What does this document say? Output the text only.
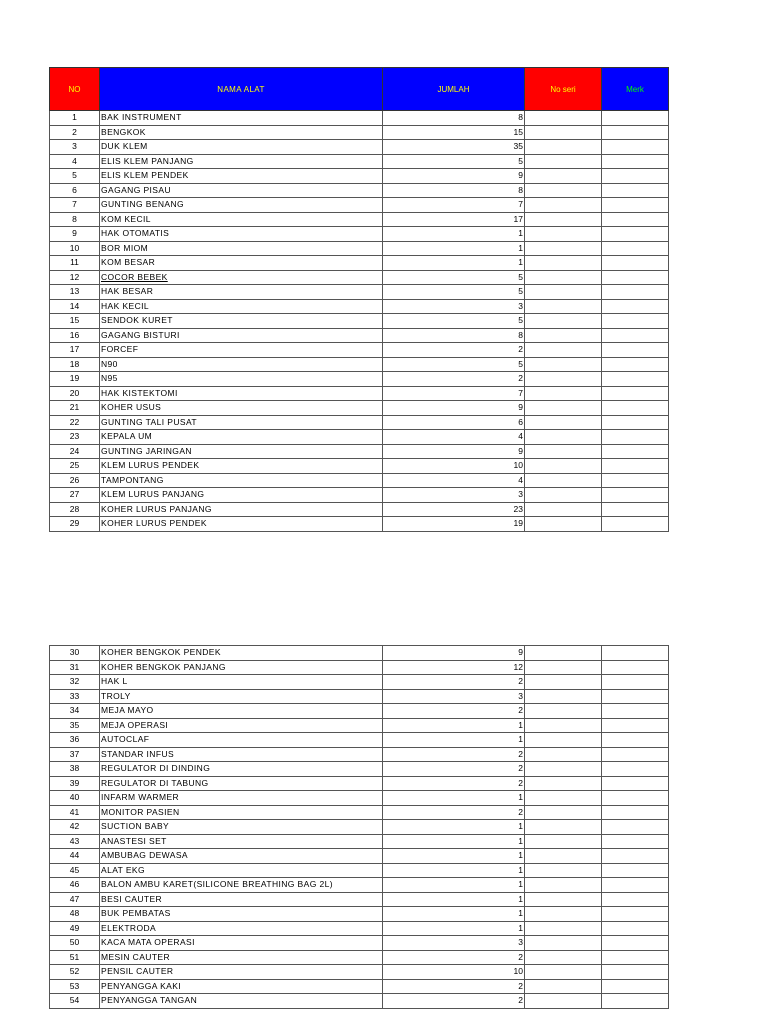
NO	NAMA ALAT	JUMLAH	No seri	Merk
1	BAK INSTRUMENT	8		
2	BENGKOK	15		
3	DUK KLEM	35		
4	ELIS KLEM PANJANG	5		
5	ELIS KLEM PENDEK	9		
6	GAGANG PISAU	8		
7	GUNTING BENANG	7		
8	KOM KECIL	17		
9	HAK OTOMATIS	1		
10	BOR MIOM	1		
11	KOM BESAR	1		
12	COCOR BEBEK	5		
13	HAK BESAR	5		
14	HAK KECIL	3		
15	SENDOK KURET	5		
16	GAGANG BISTURI	8		
17	FORCEF	2		
18	N90	5		
19	N95	2		
20	HAK KISTEKTOMI	7		
21	KOHER USUS	9		
22	GUNTING TALI PUSAT	6		
23	KEPALA UM	4		
24	GUNTING JARINGAN	9		
25	KLEM LURUS PENDEK	10		
26	TAMPONTANG	4		
27	KLEM LURUS PANJANG	3		
28	KOHER LURUS PANJANG	23		
29	KOHER LURUS PENDEK	19		
30	KOHER BENGKOK PENDEK	9		
31	KOHER BENGKOK PANJANG	12		
32	HAK L	2		
33	TROLY	3		
34	MEJA MAYO	2		
35	MEJA OPERASI	1		
36	AUTOCLAF	1		
37	STANDAR INFUS	2		
38	REGULATOR DI DINDING	2		
39	REGULATOR DI TABUNG	2		
40	INFARM WARMER	1		
41	MONITOR PASIEN	2		
42	SUCTION BABY	1		
43	ANASTESI SET	1		
44	AMBUBAG DEWASA	1		
45	ALAT EKG	1		
46	BALON AMBU KARET(SILICONE BREATHING BAG 2L)	1		
47	BESI CAUTER	1		
48	BUK PEMBATAS	1		
49	ELEKTRODA	1		
50	KACA MATA OPERASI	3		
51	MESIN CAUTER	2		
52	PENSIL CAUTER	10		
53	PENYANGGA KAKI	2		
54	PENYANGGA TANGAN	2		
